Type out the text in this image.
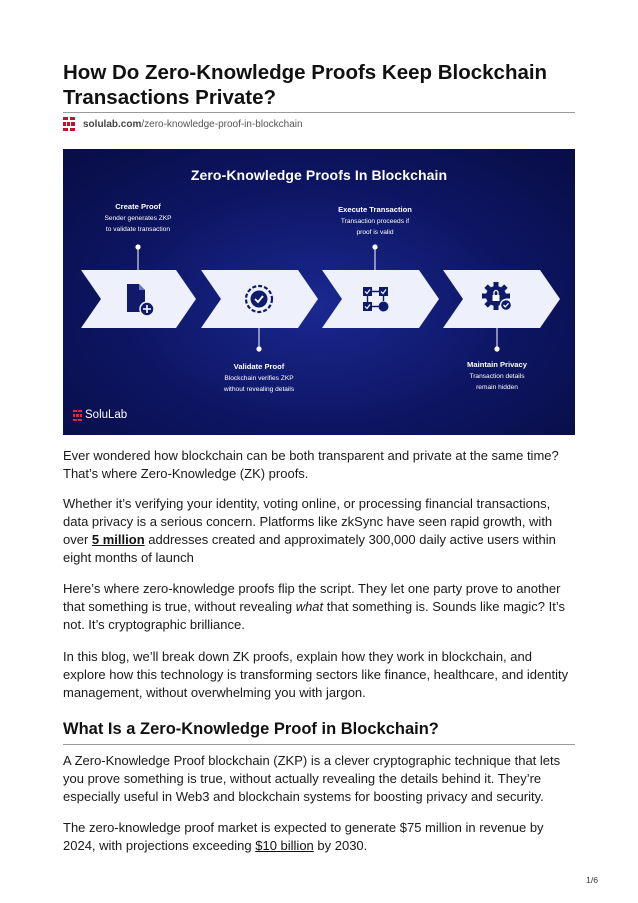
How Do Zero-Knowledge Proofs Keep Blockchain Transactions Private?
solulab.com/zero-knowledge-proof-in-blockchain
Zero-Knowledge Proofs In Blockchain
Create Proof
Sender generates ZKP
to validate transaction
Validate Proof
Blockchain verifies ZKP
without revealing details
Execute Transaction
Transaction proceeds if
proof is valid
Maintain Privacy
Transaction details
remain hidden
SoluLab

Ever wondered how blockchain can be both transparent and private at the same time? That’s where Zero-Knowledge (ZK) proofs.

Whether it’s verifying your identity, voting online, or processing financial transactions, data privacy is a serious concern. Platforms like zkSync have seen rapid growth, with over 5 million addresses created and approximately 300,000 daily active users within eight months of launch

Here’s where zero-knowledge proofs flip the script. They let one party prove to another that something is true, without revealing what that something is. Sounds like magic? It’s not. It’s cryptographic brilliance.

In this blog, we’ll break down ZK proofs, explain how they work in blockchain, and explore how this technology is transforming sectors like finance, healthcare, and identity management, without overwhelming you with jargon.

What Is a Zero-Knowledge Proof in Blockchain?

A Zero-Knowledge Proof blockchain (ZKP) is a clever cryptographic technique that lets you prove something is true, without actually revealing the details behind it. They’re especially useful in Web3 and blockchain systems for boosting privacy and security.

The zero-knowledge proof market is expected to generate $75 million in revenue by 2024, with projections exceeding $10 billion by 2030.

1/6
